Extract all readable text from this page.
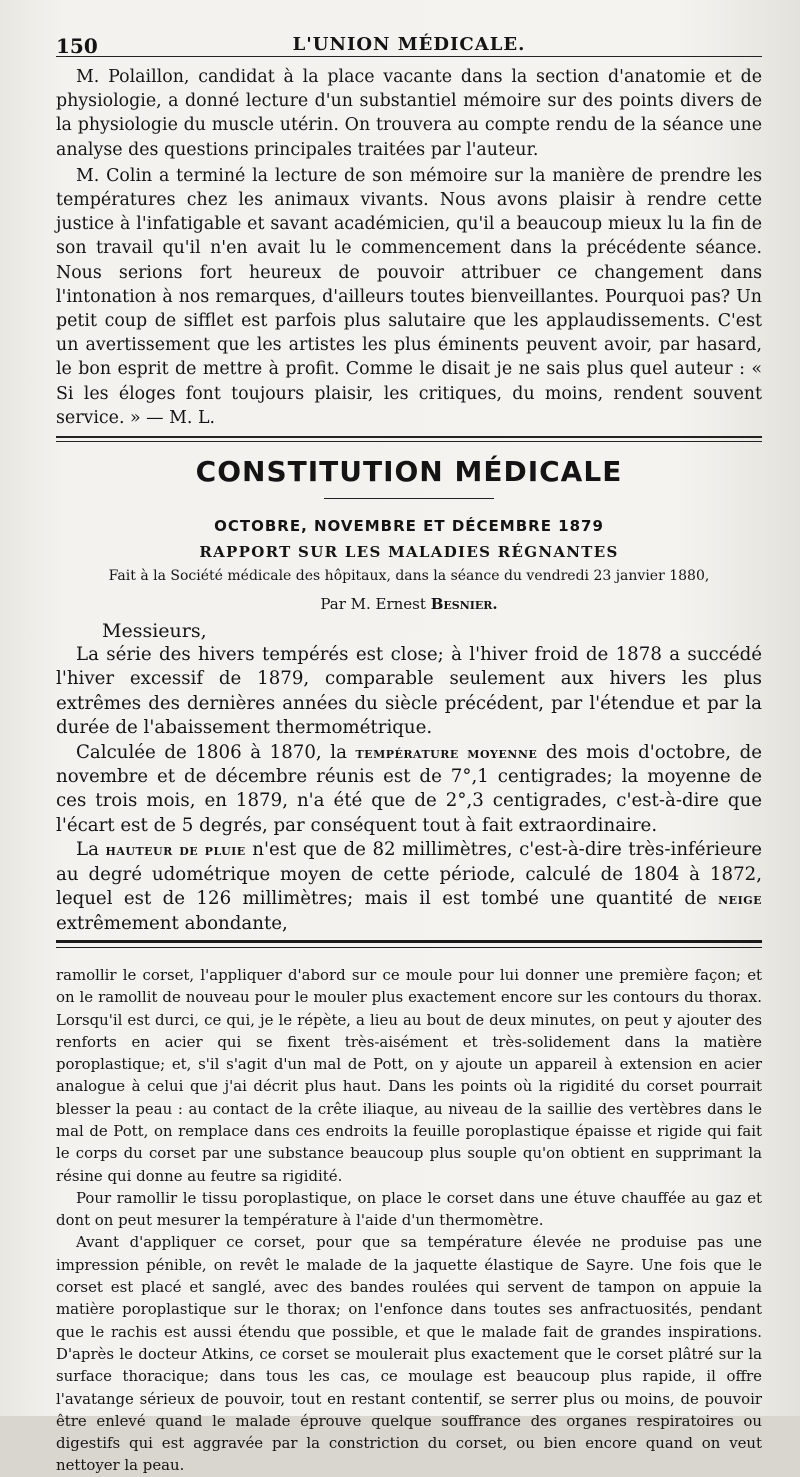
150	L'UNION MÉDICALE.

M. Polaillon, candidat à la place vacante dans la section d'anatomie et de physiologie, a donné lecture d'un substantiel mémoire sur des points divers de la physiologie du muscle utérin. On trouvera au compte rendu de la séance une analyse des questions principales traitées par l'auteur.

M. Colin a terminé la lecture de son mémoire sur la manière de prendre les températures chez les animaux vivants. Nous avons plaisir à rendre cette justice à l'infatigable et savant académicien, qu'il a beaucoup mieux lu la fin de son travail qu'il n'en avait lu le commencement dans la précédente séance. Nous serions fort heureux de pouvoir attribuer ce changement dans l'intonation à nos remarques, d'ailleurs toutes bienveillantes. Pourquoi pas? Un petit coup de sifflet est parfois plus salutaire que les applaudissements. C'est un avertissement que les artistes les plus éminents peuvent avoir, par hasard, le bon esprit de mettre à profit. Comme le disait je ne sais plus quel auteur : « Si les éloges font toujours plaisir, les critiques, du moins, rendent souvent service. » — M. L.

CONSTITUTION MÉDICALE
OCTOBRE, NOVEMBRE ET DÉCEMBRE 1879
RAPPORT SUR LES MALADIES RÉGNANTES
Fait à la Société médicale des hôpitaux, dans la séance du vendredi 23 janvier 1880,
Par M. Ernest Besnier.
Messieurs,

La série des hivers tempérés est close; à l'hiver froid de 1878 a succédé l'hiver excessif de 1879, comparable seulement aux hivers les plus extrêmes des dernières années du siècle précédent, par l'étendue et par la durée de l'abaissement thermométrique.

Calculée de 1806 à 1870, la température moyenne des mois d'octobre, de novembre et de décembre réunis est de 7°,1 centigrades; la moyenne de ces trois mois, en 1879, n'a été que de 2°,3 centigrades, c'est-à-dire que l'écart est de 5 degrés, par conséquent tout à fait extraordinaire.

La hauteur de pluie n'est que de 82 millimètres, c'est-à-dire très-inférieure au degré udométrique moyen de cette période, calculé de 1804 à 1872, lequel est de 126 millimètres; mais il est tombé une quantité de neige extrêmement abondante,

ramollir le corset, l'appliquer d'abord sur ce moule pour lui donner une première façon; et on le ramollit de nouveau pour le mouler plus exactement encore sur les contours du thorax. Lorsqu'il est durci, ce qui, je le répète, a lieu au bout de deux minutes, on peut y ajouter des renforts en acier qui se fixent très-aisément et très-solidement dans la matière poroplastique; et, s'il s'agit d'un mal de Pott, on y ajoute un appareil à extension en acier analogue à celui que j'ai décrit plus haut. Dans les points où la rigidité du corset pourrait blesser la peau : au contact de la crête iliaque, au niveau de la saillie des vertèbres dans le mal de Pott, on remplace dans ces endroits la feuille poroplastique épaisse et rigide qui fait le corps du corset par une substance beaucoup plus souple qu'on obtient en supprimant la résine qui donne au feutre sa rigidité.

Pour ramollir le tissu poroplastique, on place le corset dans une étuve chauffée au gaz et dont on peut mesurer la température à l'aide d'un thermomètre.

Avant d'appliquer ce corset, pour que sa température élevée ne produise pas une impression pénible, on revêt le malade de la jaquette élastique de Sayre. Une fois que le corset est placé et sanglé, avec des bandes roulées qui servent de tampon on appuie la matière poroplastique sur le thorax; on l'enfonce dans toutes ses anfractuosités, pendant que le rachis est aussi étendu que possible, et que le malade fait de grandes inspirations. D'après le docteur Atkins, ce corset se moulerait plus exactement que le corset plâtré sur la surface thoracique; dans tous les cas, ce moulage est beaucoup plus rapide, il offre l'avatange sérieux de pouvoir, tout en restant contentif, se serrer plus ou moins, de pouvoir être enlevé quand le malade éprouve quelque souffrance des organes respiratoires ou digestifs qui est aggravée par la constriction du corset, ou bien encore quand on veut nettoyer la peau.
